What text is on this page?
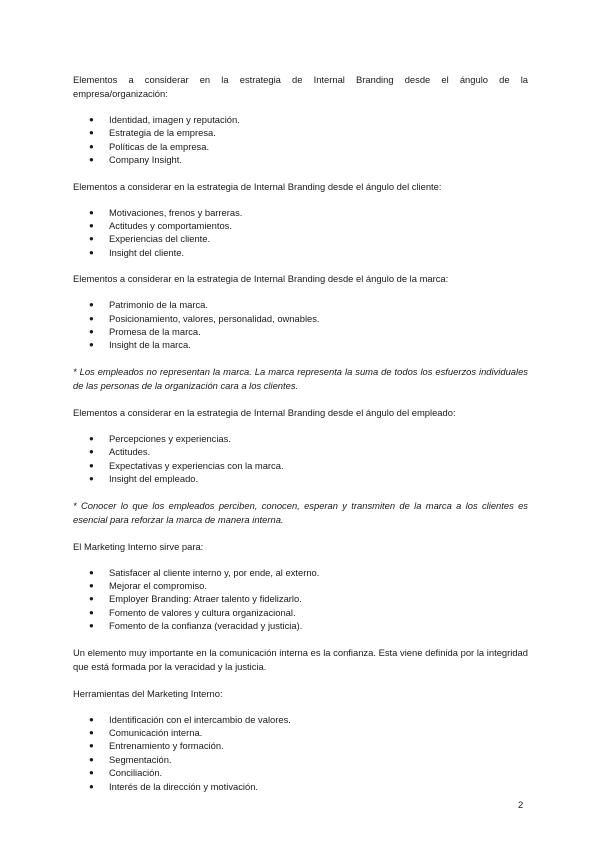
Elementos a considerar en la estrategia de Internal Branding desde el ángulo de la empresa/organización:

● Identidad, imagen y reputación.
● Estrategia de la empresa.
● Políticas de la empresa.
● Company Insight.

Elementos a considerar en la estrategia de Internal Branding desde el ángulo del cliente:

● Motivaciones, frenos y barreras.
● Actitudes y comportamientos.
● Experiencias del cliente.
● Insight del cliente.

Elementos a considerar en la estrategia de Internal Branding desde el ángulo de la marca:

● Patrimonio de la marca.
● Posicionamiento, valores, personalidad, ownables.
● Promesa de la marca.
● Insight de la marca.

* Los empleados no representan la marca. La marca representa la suma de todos los esfuerzos individuales de las personas de la organización cara a los clientes.

Elementos a considerar en la estrategia de Internal Branding desde el ángulo del empleado:

● Percepciones y experiencias.
● Actitudes.
● Expectativas y experiencias con la marca.
● Insight del empleado.

* Conocer lo que los empleados perciben, conocen, esperan y transmiten de la marca a los clientes es esencial para reforzar la marca de manera interna.

El Marketing Interno sirve para:

● Satisfacer al cliente interno y, por ende, al externo.
● Mejorar el compromiso.
● Employer Branding: Atraer talento y fidelizarlo.
● Fomento de valores y cultura organizacional.
● Fomento de la confianza (veracidad y justicia).

Un elemento muy importante en la comunicación interna es la confianza. Esta viene definida por la integridad que está formada por la veracidad y la justicia.

Herramientas del Marketing Interno:

● Identificación con el intercambio de valores.
● Comunicación interna.
● Entrenamiento y formación.
● Segmentación.
● Conciliación.
● Interés de la dirección y motivación.
2
